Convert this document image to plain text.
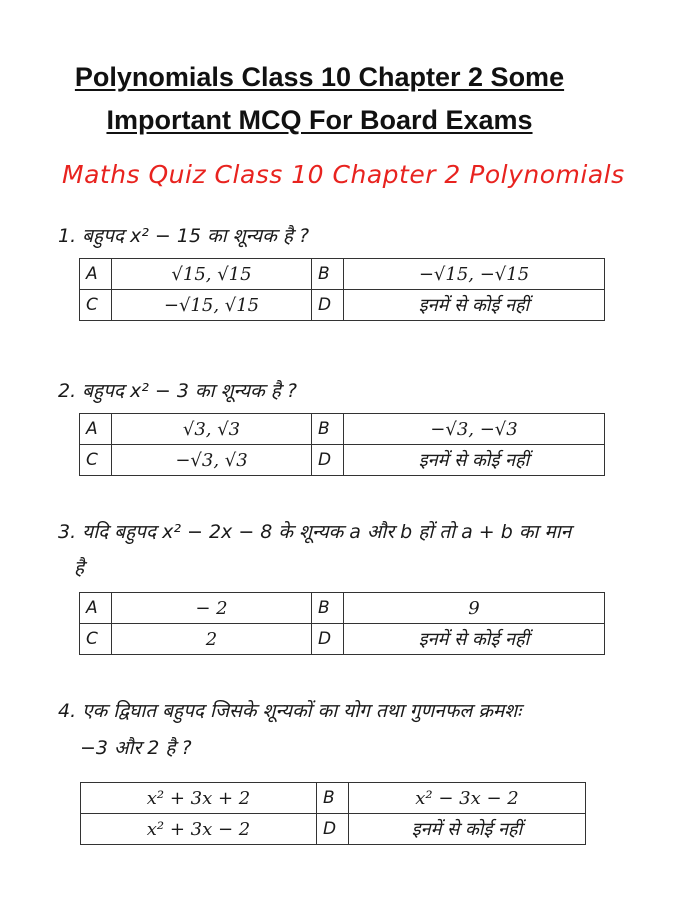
Polynomials Class 10 Chapter 2 Some
Important MCQ For Board Exams
Maths Quiz Class 10 Chapter 2 Polynomials
1. बहुपद x² − 15 का शून्यक है ?
A	√15, √15	B	−√15, −√15
C	−√15, √15	D	इनमें से कोई नहीं
2. बहुपद x² − 3 का शून्यक है ?
A	√3, √3	B	−√3, −√3
C	−√3, √3	D	इनमें से कोई नहीं
3. यदि बहुपद x² − 2x − 8 के शून्यक a और b हों तो a + b का मान
है
A	− 2	B	9
C	2	D	इनमें से कोई नहीं
4. एक द्विघात बहुपद जिसके शून्यकों का योग तथा गुणनफल क्रमशः
−3 और 2 है ?
x² + 3x + 2	B	x² − 3x − 2
x² + 3x − 2	D	इनमें से कोई नहीं
